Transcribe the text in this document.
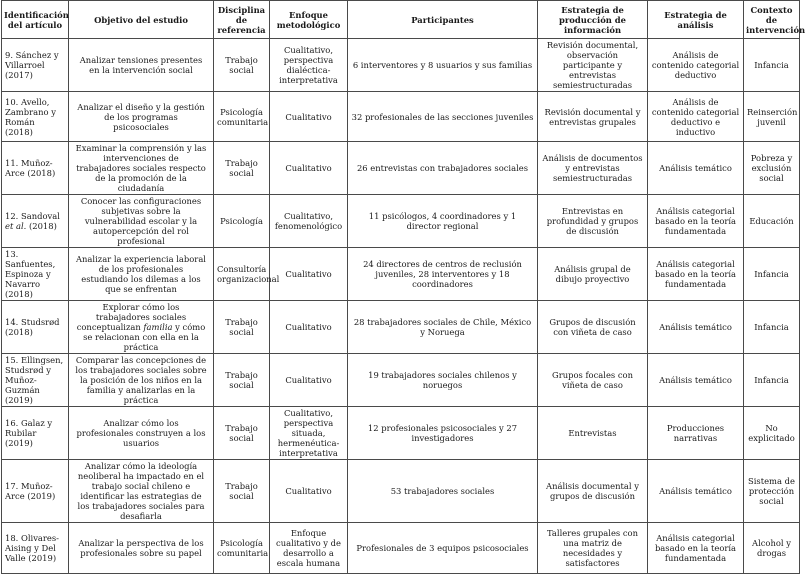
Identificación del artículo	Objetivo del estudio	Disciplina de referencia	Enfoque metodológico	Participantes	Estrategia de producción de información	Estrategia de análisis	Contexto de intervención
9. Sánchez y Villarroel (2017)	Analizar tensiones presentes en la intervención social	Trabajo social	Cualitativo, perspectiva dialéctica-interpretativa	6 interventores y 8 usuarios y sus familias	Revisión documental, observación participante y entrevistas semiestructuradas	Análisis de contenido categorial deductivo	Infancia
10. Avello, Zambrano y Román (2018)	Analizar el diseño y la gestión de los programas psicosociales	Psicología comunitaria	Cualitativo	32 profesionales de las secciones juveniles	Revisión documental y entrevistas grupales	Análisis de contenido categorial deductivo e inductivo	Reinserción juvenil
11. Muñoz-Arce (2018)	Examinar la comprensión y las intervenciones de trabajadores sociales respecto de la promoción de la ciudadanía	Trabajo social	Cualitativo	26 entrevistas con trabajadores sociales	Análisis de documentos y entrevistas semiestructuradas	Análisis temático	Pobreza y exclusión social
12. Sandoval et al. (2018)	Conocer las configuraciones subjetivas sobre la vulnerabilidad escolar y la autopercepción del rol profesional	Psicología	Cualitativo, fenomenológico	11 psicólogos, 4 coordinadores y 1 director regional	Entrevistas en profundidad y grupos de discusión	Análisis categorial basado en la teoría fundamentada	Educación
13. Sanfuentes, Espinoza y Navarro (2018)	Analizar la experiencia laboral de los profesionales estudiando los dilemas a los que se enfrentan	Consultoría organizacional	Cualitativo	24 directores de centros de reclusión juveniles, 28 interventores y 18 coordinadores	Análisis grupal de dibujo proyectivo	Análisis categorial basado en la teoría fundamentada	Infancia
14. Studsrød (2018)	Explorar cómo los trabajadores sociales conceptualizan familia y cómo se relacionan con ella en la práctica	Trabajo social	Cualitativo	28 trabajadores sociales de Chile, México y Noruega	Grupos de discusión con viñeta de caso	Análisis temático	Infancia
15. Ellingsen, Studsrød y Muñoz-Guzmán (2019)	Comparar las concepciones de los trabajadores sociales sobre la posición de los niños en la familia y analizarlas en la práctica	Trabajo social	Cualitativo	19 trabajadores sociales chilenos y noruegos	Grupos focales con viñeta de caso	Análisis temático	Infancia
16. Galaz y Rubilar (2019)	Analizar cómo los profesionales construyen a los usuarios	Trabajo social	Cualitativo, perspectiva situada, hermenéutica-interpretativa	12 profesionales psicosociales y 27 investigadores	Entrevistas	Producciones narrativas	No explicitado
17. Muñoz-Arce (2019)	Analizar cómo la ideología neoliberal ha impactado en el trabajo social chileno e identificar las estrategias de los trabajadores sociales para desafiarla	Trabajo social	Cualitativo	53 trabajadores sociales	Análisis documental y grupos de discusión	Análisis temático	Sistema de protección social
18. Olivares-Aising y Del Valle (2019)	Analizar la perspectiva de los profesionales sobre su papel	Psicología comunitaria	Enfoque cualitativo y de desarrollo a escala humana	Profesionales de 3 equipos psicosociales	Talleres grupales con una matriz de necesidades y satisfactores	Análisis categorial basado en la teoría fundamentada	Alcohol y drogas
